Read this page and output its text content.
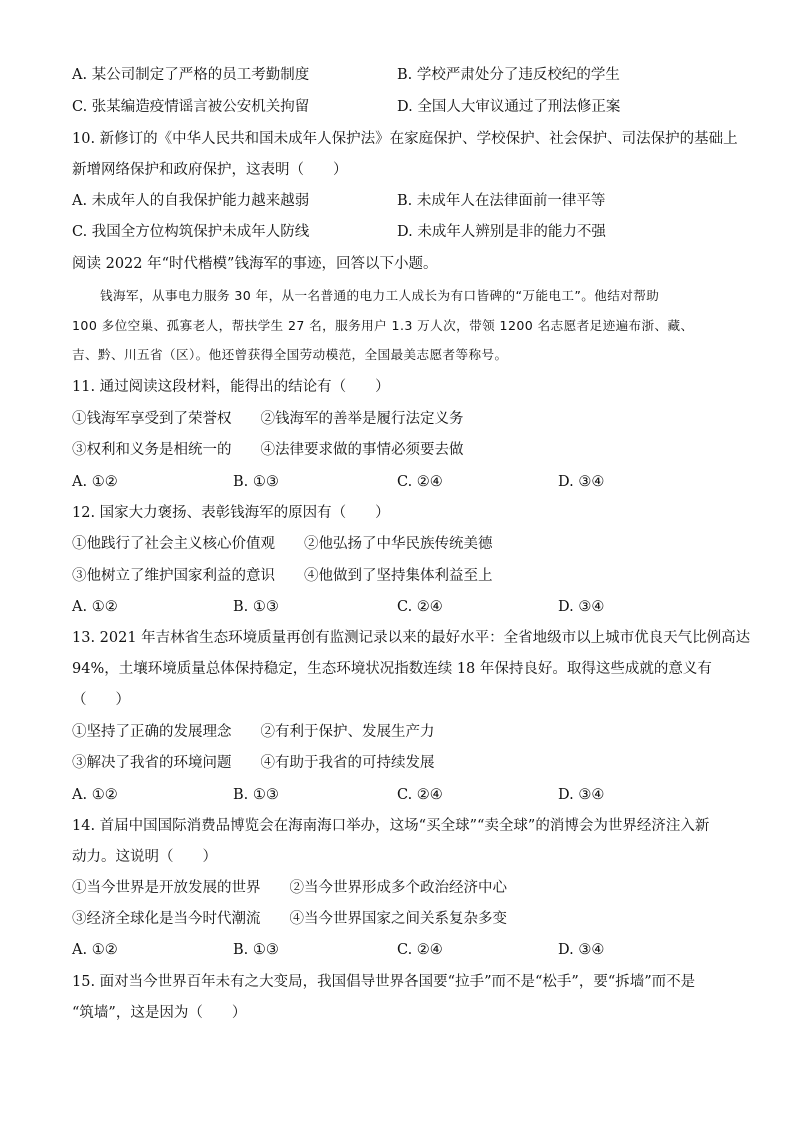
A. 某公司制定了严格的员工考勤制度	B. 学校严肃处分了违反校纪的学生
C. 张某编造疫情谣言被公安机关拘留	D. 全国人大审议通过了刑法修正案
10. 新修订的《中华人民共和国未成年人保护法》在家庭保护、学校保护、社会保护、司法保护的基础上
新增网络保护和政府保护，这表明（　　）
A. 未成年人的自我保护能力越来越弱	B. 未成年人在法律面前一律平等
C. 我国全方位构筑保护未成年人防线	D. 未成年人辨别是非的能力不强
阅读 2022 年“时代楷模”钱海军的事迹，回答以下小题。
钱海军，从事电力服务 30 年，从一名普通的电力工人成长为有口皆碑的“万能电工”。他结对帮助
100 多位空巢、孤寡老人，帮扶学生 27 名，服务用户 1.3 万人次，带领 1200 名志愿者足迹遍布浙、藏、
吉、黔、川五省（区）。他还曾获得全国劳动模范，全国最美志愿者等称号。
11. 通过阅读这段材料，能得出的结论有（　　）
①钱海军享受到了荣誉权　　②钱海军的善举是履行法定义务
③权利和义务是相统一的　　④法律要求做的事情必须要去做
A. ①②	B. ①③	C. ②④	D. ③④
12. 国家大力褒扬、表彰钱海军的原因有（　　）
①他践行了社会主义核心价值观　　②他弘扬了中华民族传统美德
③他树立了维护国家利益的意识　　④他做到了坚持集体利益至上
A. ①②	B. ①③	C. ②④	D. ③④
13. 2021 年吉林省生态环境质量再创有监测记录以来的最好水平：全省地级市以上城市优良天气比例高达
94%，土壤环境质量总体保持稳定，生态环境状况指数连续 18 年保持良好。取得这些成就的意义有
（　　）
①坚持了正确的发展理念　　②有利于保护、发展生产力
③解决了我省的环境问题　　④有助于我省的可持续发展
A. ①②	B. ①③	C. ②④	D. ③④
14. 首届中国国际消费品博览会在海南海口举办，这场“买全球”“卖全球”的消博会为世界经济注入新
动力。这说明（　　）
①当今世界是开放发展的世界　　②当今世界形成多个政治经济中心
③经济全球化是当今时代潮流　　④当今世界国家之间关系复杂多变
A. ①②	B. ①③	C. ②④	D. ③④
15. 面对当今世界百年未有之大变局，我国倡导世界各国要“拉手”而不是“松手”，要“拆墙”而不是
“筑墙”，这是因为（　　）
